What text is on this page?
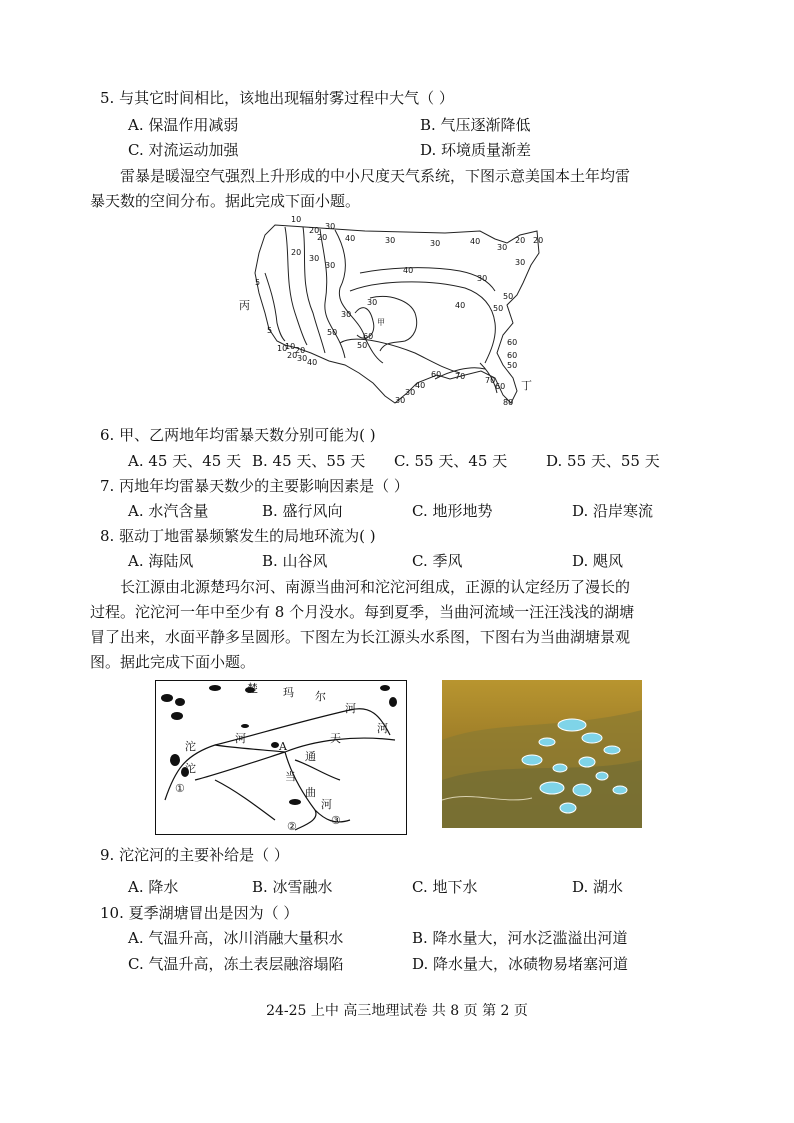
5. 与其它时间相比，该地出现辐射雾过程中大气（ ）
A. 保温作用减弱	B. 气压逐渐降低
C. 对流运动加强	D. 环境质量渐差
雷暴是暖湿空气强烈上升形成的中小尺度天气系统，下图示意美国本土年均雷
暴天数的空间分布。据此完成下面小题。
10
20 30
20 40	30	30	40
30
20 20
30
30
30
30
20
5
40
40
50
30
50	60
60
60
50
50
70
60
70
60
80
40
30
30
5
10
20 30 40
50
10 20
30
丙
甲
丁
6. 甲、乙两地年均雷暴天数分别可能为( )
A. 45 天、45 天 B. 45 天、55 天 C. 55 天、45 天	D. 55 天、55 天
7. 丙地年均雷暴天数少的主要影响因素是（ ）
A. 水汽含量	B. 盛行风向	C. 地形地势	D. 沿岸寒流
8. 驱动丁地雷暴频繁发生的局地环流为( )
A. 海陆风	B. 山谷风	C. 季风	D. 飓风
长江源由北源楚玛尔河、南源当曲河和沱沱河组成，正源的认定经历了漫长的
过程。沱沱河一年中至少有 8 个月没水。每到夏季，当曲河流域一汪汪浅浅的湖塘
冒了出来，水面平静多呈圆形。下图左为长江源头水系图，下图右为当曲湖塘景观
图。据此完成下面小题。
楚 玛 尔
河
沱
沱
河
通
天
河
当
曲
河
A
①
②	③
9. 沱沱河的主要补给是（ ）
A. 降水	B. 冰雪融水	C. 地下水	D. 湖水
10. 夏季湖塘冒出是因为（ ）
A. 气温升高，冰川消融大量积水	B. 降水量大，河水泛滥溢出河道
C. 气温升高，冻土表层融溶塌陷	D. 降水量大，冰碛物易堵塞河道
24-25 上中 高三地理试卷 共 8 页 第 2 页
